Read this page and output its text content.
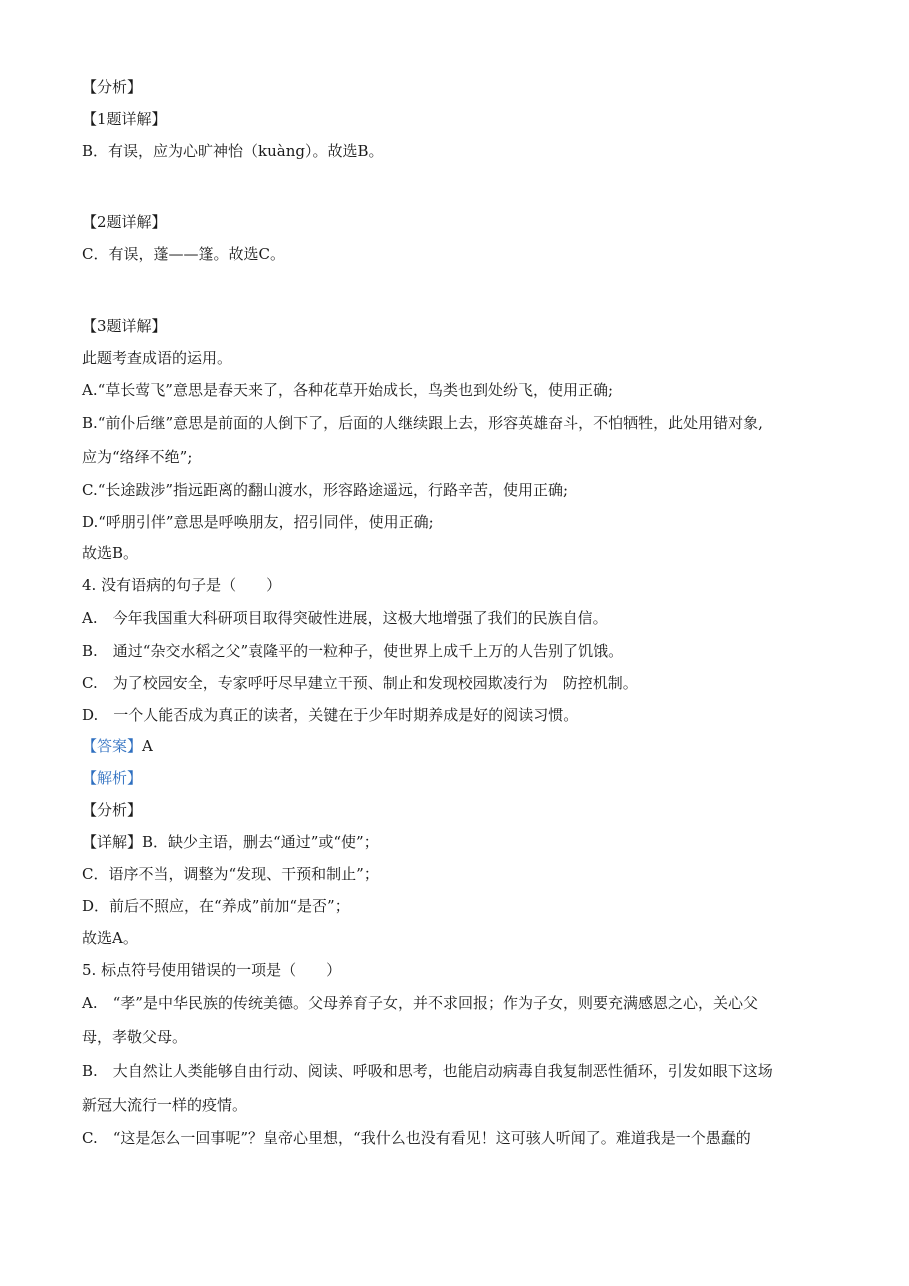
【分析】
【1题详解】
B．有误，应为心旷神怡（kuàng）。故选B。
【2题详解】
C．有误，蓬——篷。故选C。
【3题详解】
此题考查成语的运用。
A.“草长莺飞”意思是春天来了，各种花草开始成长，鸟类也到处纷飞，使用正确;
B.“前仆后继”意思是前面的人倒下了，后面的人继续跟上去，形容英雄奋斗，不怕牺牲，此处用错对象,
应为“络绎不绝”;
C.“长途跋涉”指远距离的翻山渡水，形容路途遥远，行路辛苦，使用正确;
D.“呼朋引伴”意思是呼唤朋友，招引同伴，使用正确;
故选B。
4. 没有语病的句子是（　　）
A.　今年我国重大科研项目取得突破性进展，这极大地增强了我们的民族自信。
B.　通过“杂交水稻之父”袁隆平的一粒种子，使世界上成千上万的人告别了饥饿。
C.　为了校园安全，专家呼吁尽早建立干预、制止和发现校园欺凌行为　防控机制。
D.　一个人能否成为真正的读者，关键在于少年时期养成是好的阅读习惯。
【答案】A
【解析】
【分析】
【详解】B．缺少主语，删去“通过”或“使”；
C．语序不当，调整为“发现、干预和制止”；
D．前后不照应，在“养成”前加“是否”；
故选A。
5. 标点符号使用错误的一项是（　　）
A.　“孝”是中华民族的传统美德。父母养育子女，并不求回报；作为子女，则要充满感恩之心，关心父
母，孝敬父母。
B.　大自然让人类能够自由行动、阅读、呼吸和思考，也能启动病毒自我复制恶性循环，引发如眼下这场
新冠大流行一样的疫情。
C.　“这是怎么一回事呢”？皇帝心里想，“我什么也没有看见！这可骇人听闻了。难道我是一个愚蠢的
